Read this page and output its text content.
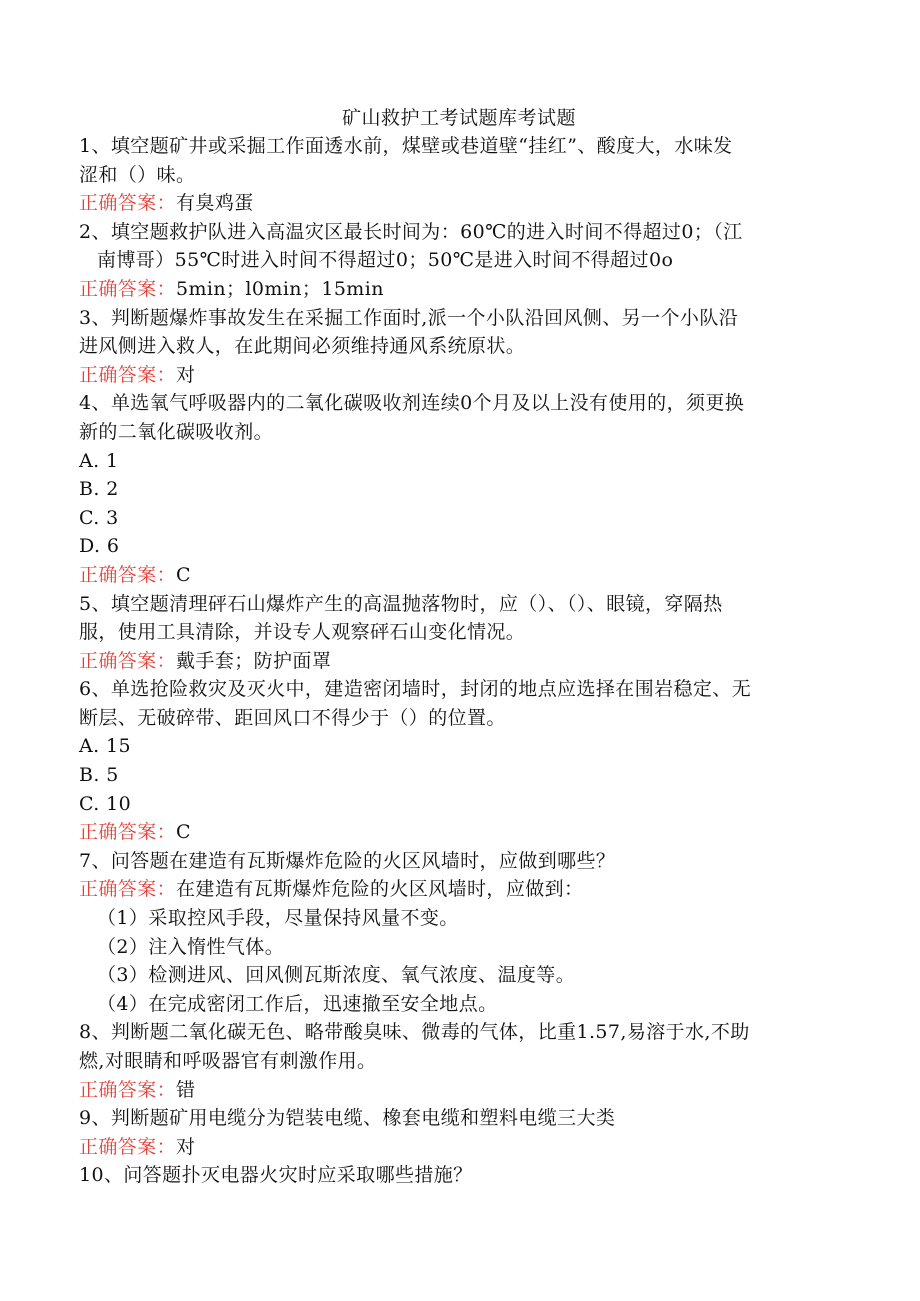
矿山救护工考试题库考试题
1、填空题矿井或采掘工作面透水前，煤壁或巷道壁“挂红”、酸度大，水味发
涩和（）味。
正确答案：有臭鸡蛋
2、填空题救护队进入高温灾区最长时间为：60℃的进入时间不得超过0；（江
南博哥）55℃时进入时间不得超过0；50℃是进入时间不得超过0o
正确答案：5min；l0min；15min
3、判断题爆炸事故发生在采掘工作面时,派一个小队沿回风侧、另一个小队沿
进风侧进入救人，在此期间必须维持通风系统原状。
正确答案：对
4、单选氧气呼吸器内的二氧化碳吸收剂连续0个月及以上没有使用的，须更换
新的二氧化碳吸收剂。
A. 1
B. 2
C. 3
D. 6
正确答案：C
5、填空题清理砰石山爆炸产生的高温抛落物时，应（）、（）、眼镜，穿隔热
服，使用工具清除，并设专人观察砰石山变化情况。
正确答案：戴手套；防护面罩
6、单选抢险救灾及灭火中，建造密闭墙时，封闭的地点应选择在围岩稳定、无
断层、无破碎带、距回风口不得少于（）的位置。
A. 15
B. 5
C. 10
正确答案：C
7、问答题在建造有瓦斯爆炸危险的火区风墙时，应做到哪些？
正确答案：在建造有瓦斯爆炸危险的火区风墙时，应做到：
（1）采取控风手段，尽量保持风量不变。
（2）注入惰性气体。
（3）检测进风、回风侧瓦斯浓度、氧气浓度、温度等。
（4）在完成密闭工作后，迅速撤至安全地点。
8、判断题二氧化碳无色、略带酸臭味、微毒的气体，比重1.57,易溶于水,不助
燃,对眼睛和呼吸器官有刺激作用。
正确答案：错
9、判断题矿用电缆分为铠装电缆、橡套电缆和塑料电缆三大类
正确答案：对
10、问答题扑灭电器火灾时应采取哪些措施？
